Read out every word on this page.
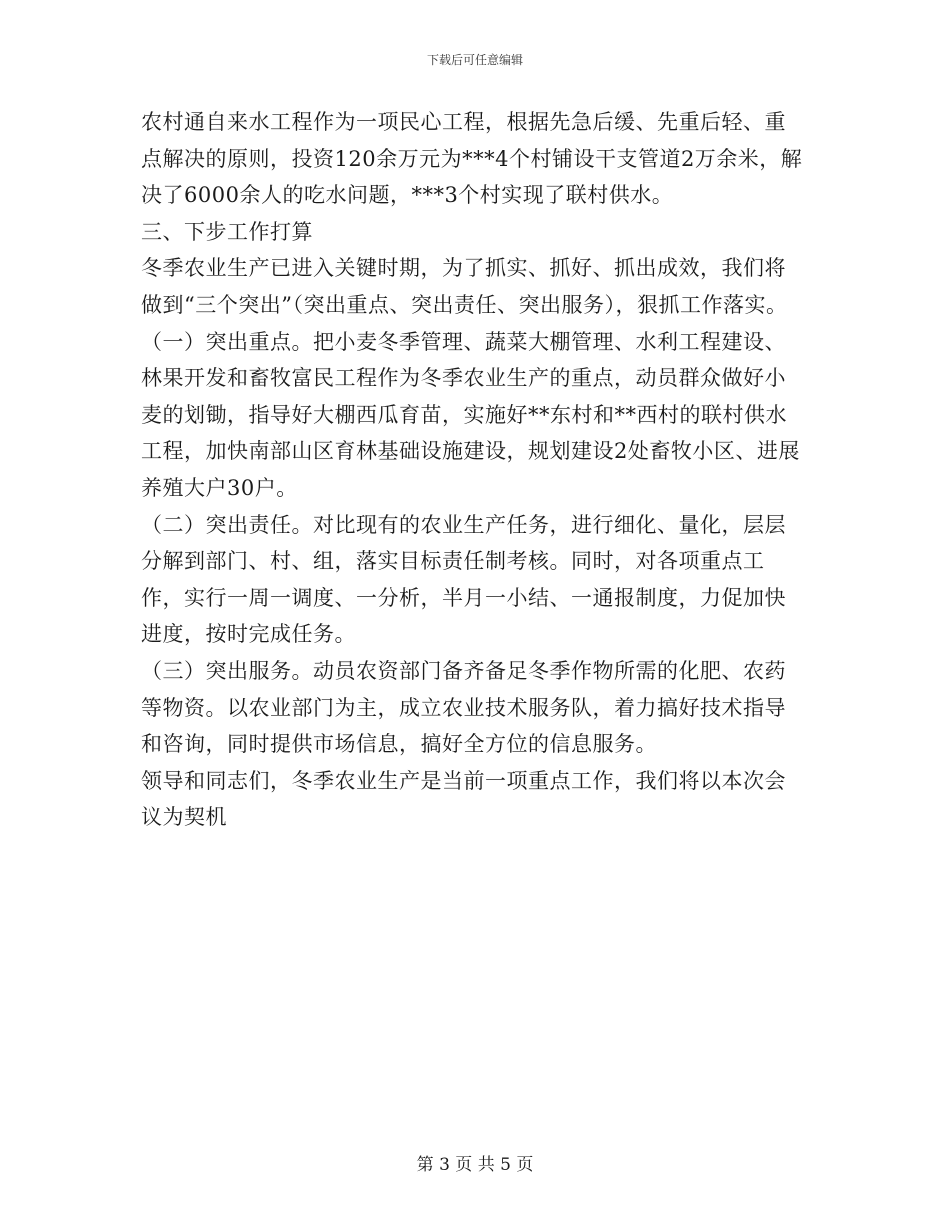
下载后可任意编辑

农村通自来水工程作为一项民心工程，根据先急后缓、先重后轻、重点解决的原则，投资120余万元为***4个村铺设干支管道2万余米，解决了6000余人的吃水问题，***3个村实现了联村供水。

三、下步工作打算

冬季农业生产已进入关键时期，为了抓实、抓好、抓出成效，我们将做到“三个突出”（突出重点、突出责任、突出服务），狠抓工作落实。

（一）突出重点。把小麦冬季管理、蔬菜大棚管理、水利工程建设、林果开发和畜牧富民工程作为冬季农业生产的重点，动员群众做好小麦的划锄，指导好大棚西瓜育苗，实施好**东村和**西村的联村供水工程，加快南部山区育林基础设施建设，规划建设2处畜牧小区、进展养殖大户30户。

（二）突出责任。对比现有的农业生产任务，进行细化、量化，层层分解到部门、村、组，落实目标责任制考核。同时，对各项重点工作，实行一周一调度、一分析，半月一小结、一通报制度，力促加快进度，按时完成任务。

（三）突出服务。动员农资部门备齐备足冬季作物所需的化肥、农药等物资。以农业部门为主，成立农业技术服务队，着力搞好技术指导和咨询，同时提供市场信息，搞好全方位的信息服务。

领导和同志们，冬季农业生产是当前一项重点工作，我们将以本次会议为契机

第 3 页 共 5 页
